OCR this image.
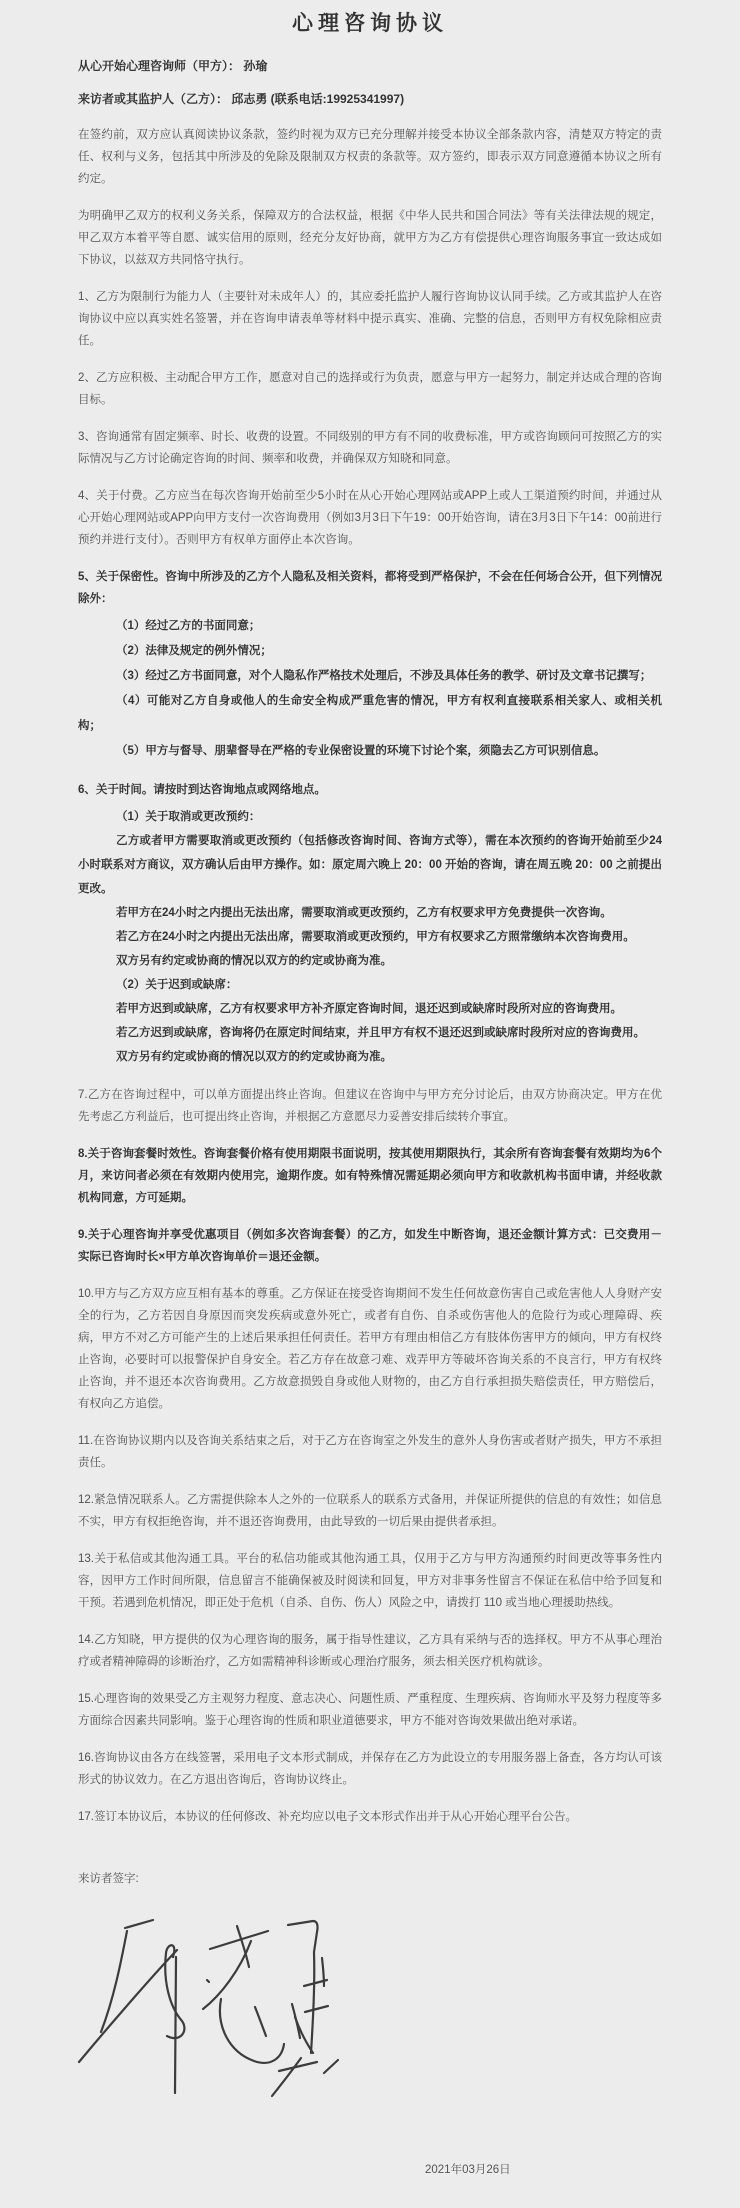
心理咨询协议

从心开始心理咨询师（甲方）： 孙瑜

来访者或其监护人（乙方）： 邱志勇 (联系电话:19925341997)

在签约前，双方应认真阅读协议条款，签约时视为双方已充分理解并接受本协议全部条款内容，清楚双方特定的责任、权利与义务，包括其中所涉及的免除及限制双方权责的条款等。双方签约，即表示双方同意遵循本协议之所有约定。

为明确甲乙双方的权利义务关系，保障双方的合法权益，根据《中华人民共和国合同法》等有关法律法规的规定，甲乙双方本着平等自愿、诚实信用的原则，经充分友好协商，就甲方为乙方有偿提供心理咨询服务事宜一致达成如下协议，以兹双方共同恪守执行。

1、乙方为限制行为能力人（主要针对未成年人）的，其应委托监护人履行咨询协议认同手续。乙方或其监护人在咨询协议中应以真实姓名签署，并在咨询申请表单等材料中提示真实、准确、完整的信息，否则甲方有权免除相应责任。

2、乙方应积极、主动配合甲方工作，愿意对自己的选择或行为负责，愿意与甲方一起努力，制定并达成合理的咨询目标。

3、咨询通常有固定频率、时长、收费的设置。不同级别的甲方有不同的收费标准，甲方或咨询顾问可按照乙方的实际情况与乙方讨论确定咨询的时间、频率和收费，并确保双方知晓和同意。

4、关于付费。乙方应当在每次咨询开始前至少5小时在从心开始心理网站或APP上或人工渠道预约时间，并通过从心开始心理网站或APP向甲方支付一次咨询费用（例如3月3日下午19：00开始咨询，请在3月3日下午14：00前进行预约并进行支付）。否则甲方有权单方面停止本次咨询。

5、关于保密性。咨询中所涉及的乙方个人隐私及相关资料，都将受到严格保护，不会在任何场合公开，但下列情况除外：

（1）经过乙方的书面同意；

（2）法律及规定的例外情况；

（3）经过乙方书面同意，对个人隐私作严格技术处理后，不涉及具体任务的教学、研讨及文章书记撰写；

（4）可能对乙方自身或他人的生命安全构成严重危害的情况，甲方有权利直接联系相关家人、或相关机构；

（5）甲方与督导、朋辈督导在严格的专业保密设置的环境下讨论个案，须隐去乙方可识别信息。

6、关于时间。请按时到达咨询地点或网络地点。

（1）关于取消或更改预约：

乙方或者甲方需要取消或更改预约（包括修改咨询时间、咨询方式等），需在本次预约的咨询开始前至少24小时联系对方商议，双方确认后由甲方操作。如：原定周六晚上 20：00 开始的咨询，请在周五晚 20：00 之前提出更改。

若甲方在24小时之内提出无法出席，需要取消或更改预约，乙方有权要求甲方免费提供一次咨询。

若乙方在24小时之内提出无法出席，需要取消或更改预约，甲方有权要求乙方照常缴纳本次咨询费用。

双方另有约定或协商的情况以双方的约定或协商为准。

（2）关于迟到或缺席：

若甲方迟到或缺席，乙方有权要求甲方补齐原定咨询时间，退还迟到或缺席时段所对应的咨询费用。

若乙方迟到或缺席，咨询将仍在原定时间结束，并且甲方有权不退还迟到或缺席时段所对应的咨询费用。

双方另有约定或协商的情况以双方的约定或协商为准。

7.乙方在咨询过程中，可以单方面提出终止咨询。但建议在咨询中与甲方充分讨论后，由双方协商决定。甲方在优先考虑乙方利益后，也可提出终止咨询，并根据乙方意愿尽力妥善安排后续转介事宜。

8.关于咨询套餐时效性。咨询套餐价格有使用期限书面说明，按其使用期限执行，其余所有咨询套餐有效期均为6个月，来访问者必须在有效期内使用完，逾期作废。如有特殊情况需延期必须向甲方和收款机构书面申请，并经收款机构同意，方可延期。

9.关于心理咨询并享受优惠项目（例如多次咨询套餐）的乙方，如发生中断咨询，退还金额计算方式：已交费用－实际已咨询时长×甲方单次咨询单价＝退还金额。

10.甲方与乙方双方应互相有基本的尊重。乙方保证在接受咨询期间不发生任何故意伤害自己或危害他人人身财产安全的行为，乙方若因自身原因而突发疾病或意外死亡，或者有自伤、自杀或伤害他人的危险行为或心理障碍、疾病，甲方不对乙方可能产生的上述后果承担任何责任。若甲方有理由相信乙方有肢体伤害甲方的倾向，甲方有权终止咨询，必要时可以报警保护自身安全。若乙方存在故意刁难、戏弄甲方等破坏咨询关系的不良言行，甲方有权终止咨询，并不退还本次咨询费用。乙方故意损毁自身或他人财物的，由乙方自行承担损失赔偿责任，甲方赔偿后，有权向乙方追偿。

11.在咨询协议期内以及咨询关系结束之后，对于乙方在咨询室之外发生的意外人身伤害或者财产损失，甲方不承担责任。

12.紧急情况联系人。乙方需提供除本人之外的一位联系人的联系方式备用，并保证所提供的信息的有效性；如信息不实，甲方有权拒绝咨询，并不退还咨询费用，由此导致的一切后果由提供者承担。

13.关于私信或其他沟通工具。平台的私信功能或其他沟通工具，仅用于乙方与甲方沟通预约时间更改等事务性内容，因甲方工作时间所限，信息留言不能确保被及时阅读和回复，甲方对非事务性留言不保证在私信中给予回复和干预。若遇到危机情况，即正处于危机（自杀、自伤、伤人）风险之中，请拨打 110 或当地心理援助热线。

14.乙方知晓，甲方提供的仅为心理咨询的服务，属于指导性建议，乙方具有采纳与否的选择权。甲方不从事心理治疗或者精神障碍的诊断治疗，乙方如需精神科诊断或心理治疗服务，须去相关医疗机构就诊。

15.心理咨询的效果受乙方主观努力程度、意志决心、问题性质、严重程度、生理疾病、咨询师水平及努力程度等多方面综合因素共同影响。鉴于心理咨询的性质和职业道德要求，甲方不能对咨询效果做出绝对承诺。

16.咨询协议由各方在线签署，采用电子文本形式制成，并保存在乙方为此设立的专用服务器上备查，各方均认可该形式的协议效力。在乙方退出咨询后，咨询协议终止。

17.签订本协议后，本协议的任何修改、补充均应以电子文本形式作出并于从心开始心理平台公告。

来访者签字:

2021年03月26日
